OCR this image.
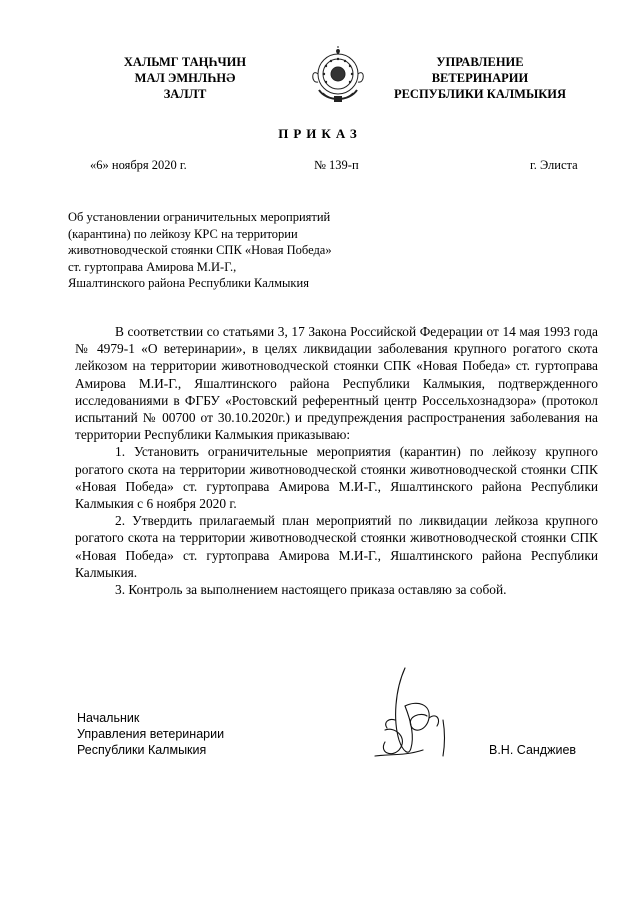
ХАЛЬМГ ТАҢҺЧИН
МАЛ ЭМНЛҺНӘ
ЗАЛЛТ
УПРАВЛЕНИЕ
ВЕТЕРИНАРИИ
РЕСПУБЛИКИ КАЛМЫКИЯ
ПРИКАЗ
«6» ноября 2020 г.	№ 139-п	г. Элиста
Об установлении ограничительных мероприятий
(карантина) по лейкозу КРС на территории
животноводческой стоянки СПК «Новая Победа»
ст. гуртоправа Амирова М.И-Г.,
Яшалтинского района Республики Калмыкия

В соответствии со статьями 3, 17 Закона Российской Федерации от 14 мая 1993 года № 4979-1 «О ветеринарии», в целях ликвидации заболевания крупного рогатого скота лейкозом на территории животноводческой стоянки СПК «Новая Победа» ст. гуртоправа Амирова М.И-Г., Яшалтинского района Республики Калмыкия, подтвержденного исследованиями в ФГБУ «Ростовский референтный центр Россельхознадзора» (протокол испытаний № 00700 от 30.10.2020г.) и предупреждения распространения заболевания на территории Республики Калмыкия приказываю:

1. Установить ограничительные мероприятия (карантин) по лейкозу крупного рогатого скота на территории животноводческой стоянки животноводческой стоянки СПК «Новая Победа» ст. гуртоправа Амирова М.И-Г., Яшалтинского района Республики Калмыкия с 6 ноября 2020 г.

2. Утвердить прилагаемый план мероприятий по ликвидации лейкоза крупного рогатого скота на территории животноводческой стоянки животноводческой стоянки СПК «Новая Победа» ст. гуртоправа Амирова М.И-Г., Яшалтинского района Республики Калмыкия.

3. Контроль за выполнением настоящего приказа оставляю за собой.

Начальник
Управления ветеринарии
Республики Калмыкия	В.Н. Санджиев
